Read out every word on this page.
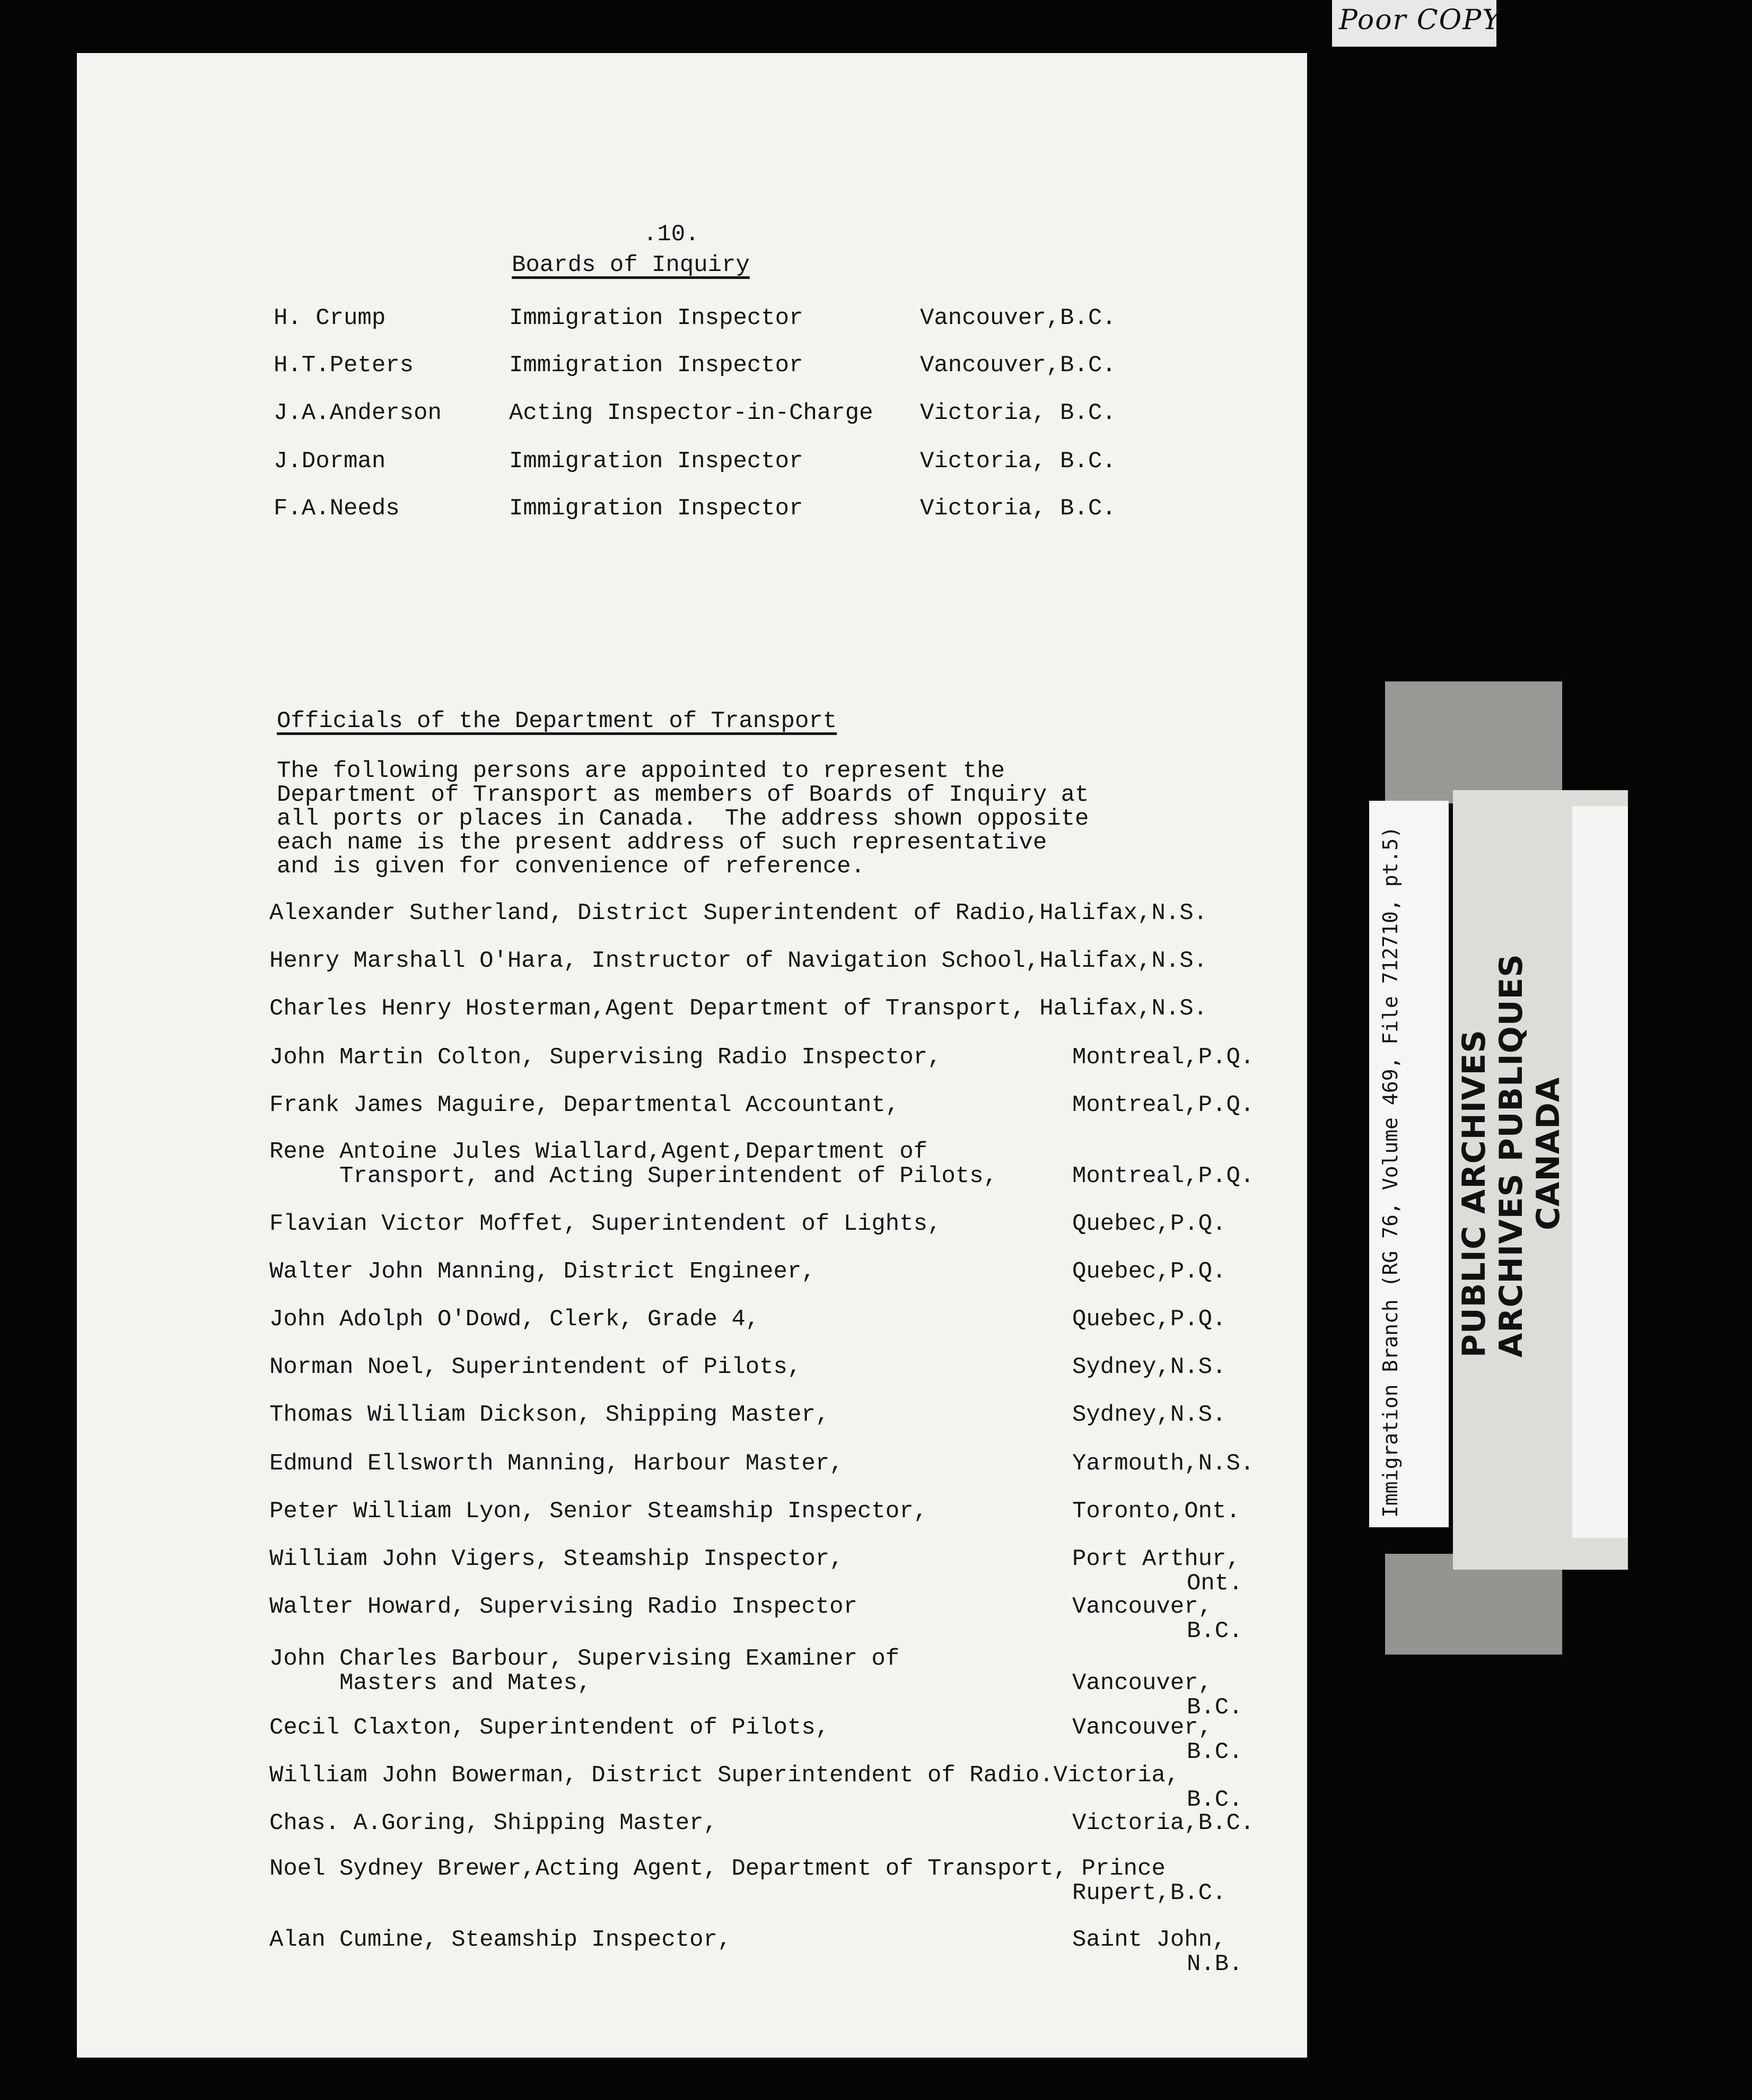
Poor COPY
.10.
Boards of Inquiry
H. Crump	Immigration Inspector	Vancouver,B.C.
H.T.Peters	Immigration Inspector	Vancouver,B.C.
J.A.Anderson	Acting Inspector-in-Charge Victoria, B.C.
J.Dorman	Immigration Inspector	Victoria, B.C.
F.A.Needs	Immigration Inspector	Victoria, B.C.
Officials of the Department of Transport
The following persons are appointed to represent the
Department of Transport as members of Boards of Inquiry at
all ports or places in Canada.  The address shown opposite
each name is the present address of such representative
and is given for convenience of reference.
Alexander Sutherland, District Superintendent of Radio,Halifax,N.S.
Henry Marshall O'Hara, Instructor of Navigation School,Halifax,N.S.
Charles Henry Hosterman,Agent Department of Transport, Halifax,N.S.
John Martin Colton, Supervising Radio Inspector,	Montreal,P.Q.
Frank James Maguire, Departmental Accountant,	Montreal,P.Q.
Rene Antoine Jules Wiallard,Agent,Department of
Transport, and Acting Superintendent of Pilots,	Montreal,P.Q.
Flavian Victor Moffet, Superintendent of Lights,	Quebec,P.Q.
Walter John Manning, District Engineer,	Quebec,P.Q.
John Adolph O'Dowd, Clerk, Grade 4,	Quebec,P.Q.
Norman Noel, Superintendent of Pilots,	Sydney,N.S.
Thomas William Dickson, Shipping Master,	Sydney,N.S.
Edmund Ellsworth Manning, Harbour Master,	Yarmouth,N.S.
Peter William Lyon, Senior Steamship Inspector,	Toronto,Ont.
William John Vigers, Steamship Inspector,	Port Arthur,
Ont.
Walter Howard, Supervising Radio Inspector	Vancouver,
B.C.
John Charles Barbour, Supervising Examiner of
Masters and Mates,	Vancouver,
B.C.
Cecil Claxton, Superintendent of Pilots,	Vancouver,
B.C.
William John Bowerman, District Superintendent of Radio.Victoria,
B.C.
Chas. A.Goring, Shipping Master,	Victoria,B.C.
Noel Sydney Brewer,Acting Agent, Department of Transport, Prince
Rupert,B.C.
Alan Cumine, Steamship Inspector,	Saint John,
N.B.
Immigration Branch (RG 76, Volume 469, File 712710, pt.5) PUBLIC ARCHIVES ARCHIVES PUBLIQUES CANADA
